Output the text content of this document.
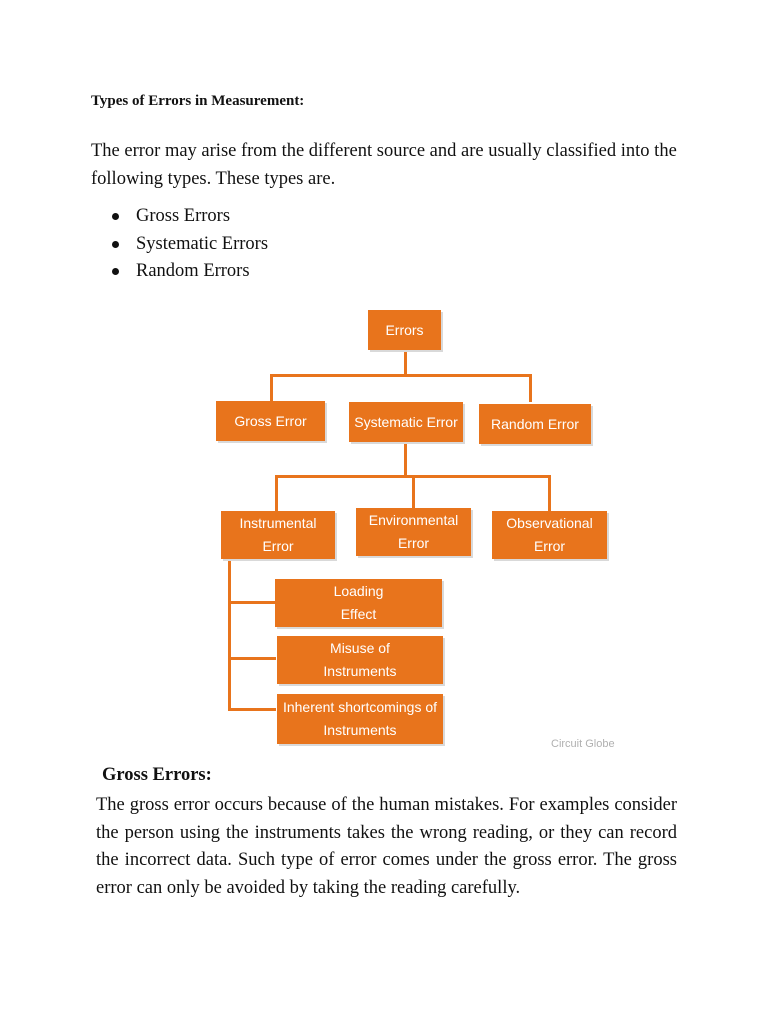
Types of Errors in Measurement:

The error may arise from the different source and are usually classified into the following types. These types are.

Gross Errors
Systematic Errors
Random Errors
Errors
Gross Error	Systematic Error	Random Error
Instrumental Error
Environmental Error
Observational Error
Loading Effect
Misuse of Instruments
Inherent shortcomings of Instruments
Circuit Globe
Gross Errors:

The gross error occurs because of the human mistakes. For examples consider the person using the instruments takes the wrong reading, or they can record the incorrect data. Such type of error comes under the gross error. The gross error can only be avoided by taking the reading carefully.
